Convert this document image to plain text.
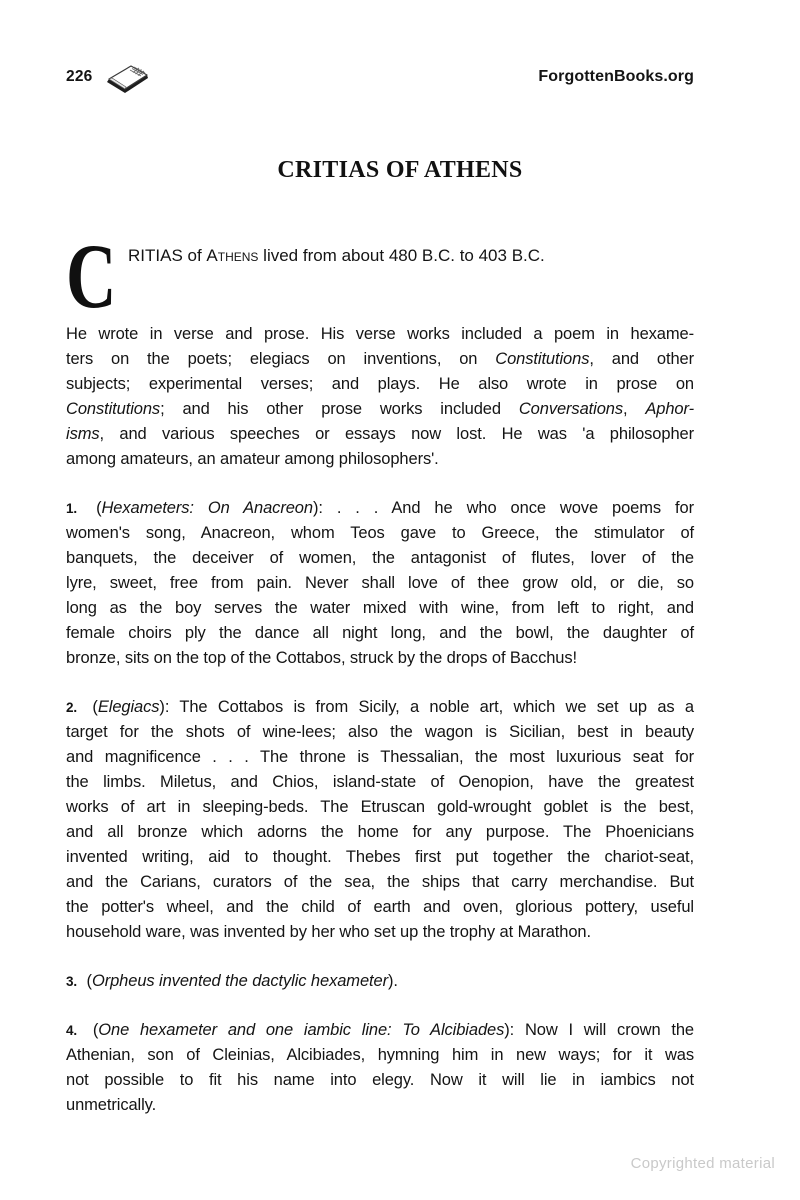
226	ForgottenBooks.org
CRITIAS OF ATHENS
C RITIAS of Athens lived from about 480 B.C. to 403 B.C.
He wrote in verse and prose. His verse works included a poem in hexame-
ters on the poets; elegiacs on inventions, on Constitutions, and other
subjects; experimental verses; and plays. He also wrote in prose on
Constitutions; and his other prose works included Conversations, Aphor-
isms, and various speeches or essays now lost. He was 'a philosopher
among amateurs, an amateur among philosophers'.
1. (Hexameters: On Anacreon): . . . And he who once wove poems for
women's song, Anacreon, whom Teos gave to Greece, the stimulator of
banquets, the deceiver of women, the antagonist of flutes, lover of the
lyre, sweet, free from pain. Never shall love of thee grow old, or die, so
long as the boy serves the water mixed with wine, from left to right, and
female choirs ply the dance all night long, and the bowl, the daughter of
bronze, sits on the top of the Cottabos, struck by the drops of Bacchus!
2. (Elegiacs): The Cottabos is from Sicily, a noble art, which we set up as a
target for the shots of wine-lees; also the wagon is Sicilian, best in beauty
and magnificence . . . The throne is Thessalian, the most luxurious seat for
the limbs. Miletus, and Chios, island-state of Oenopion, have the greatest
works of art in sleeping-beds. The Etruscan gold-wrought goblet is the best,
and all bronze which adorns the home for any purpose. The Phoenicians
invented writing, aid to thought. Thebes first put together the chariot-seat,
and the Carians, curators of the sea, the ships that carry merchandise. But
the potter's wheel, and the child of earth and oven, glorious pottery, useful
household ware, was invented by her who set up the trophy at Marathon.
3. (Orpheus invented the dactylic hexameter).
4. (One hexameter and one iambic line: To Alcibiades): Now I will crown the
Athenian, son of Cleinias, Alcibiades, hymning him in new ways; for it was
not possible to fit his name into elegy. Now it will lie in iambics not
unmetrically.
Copyrighted material
